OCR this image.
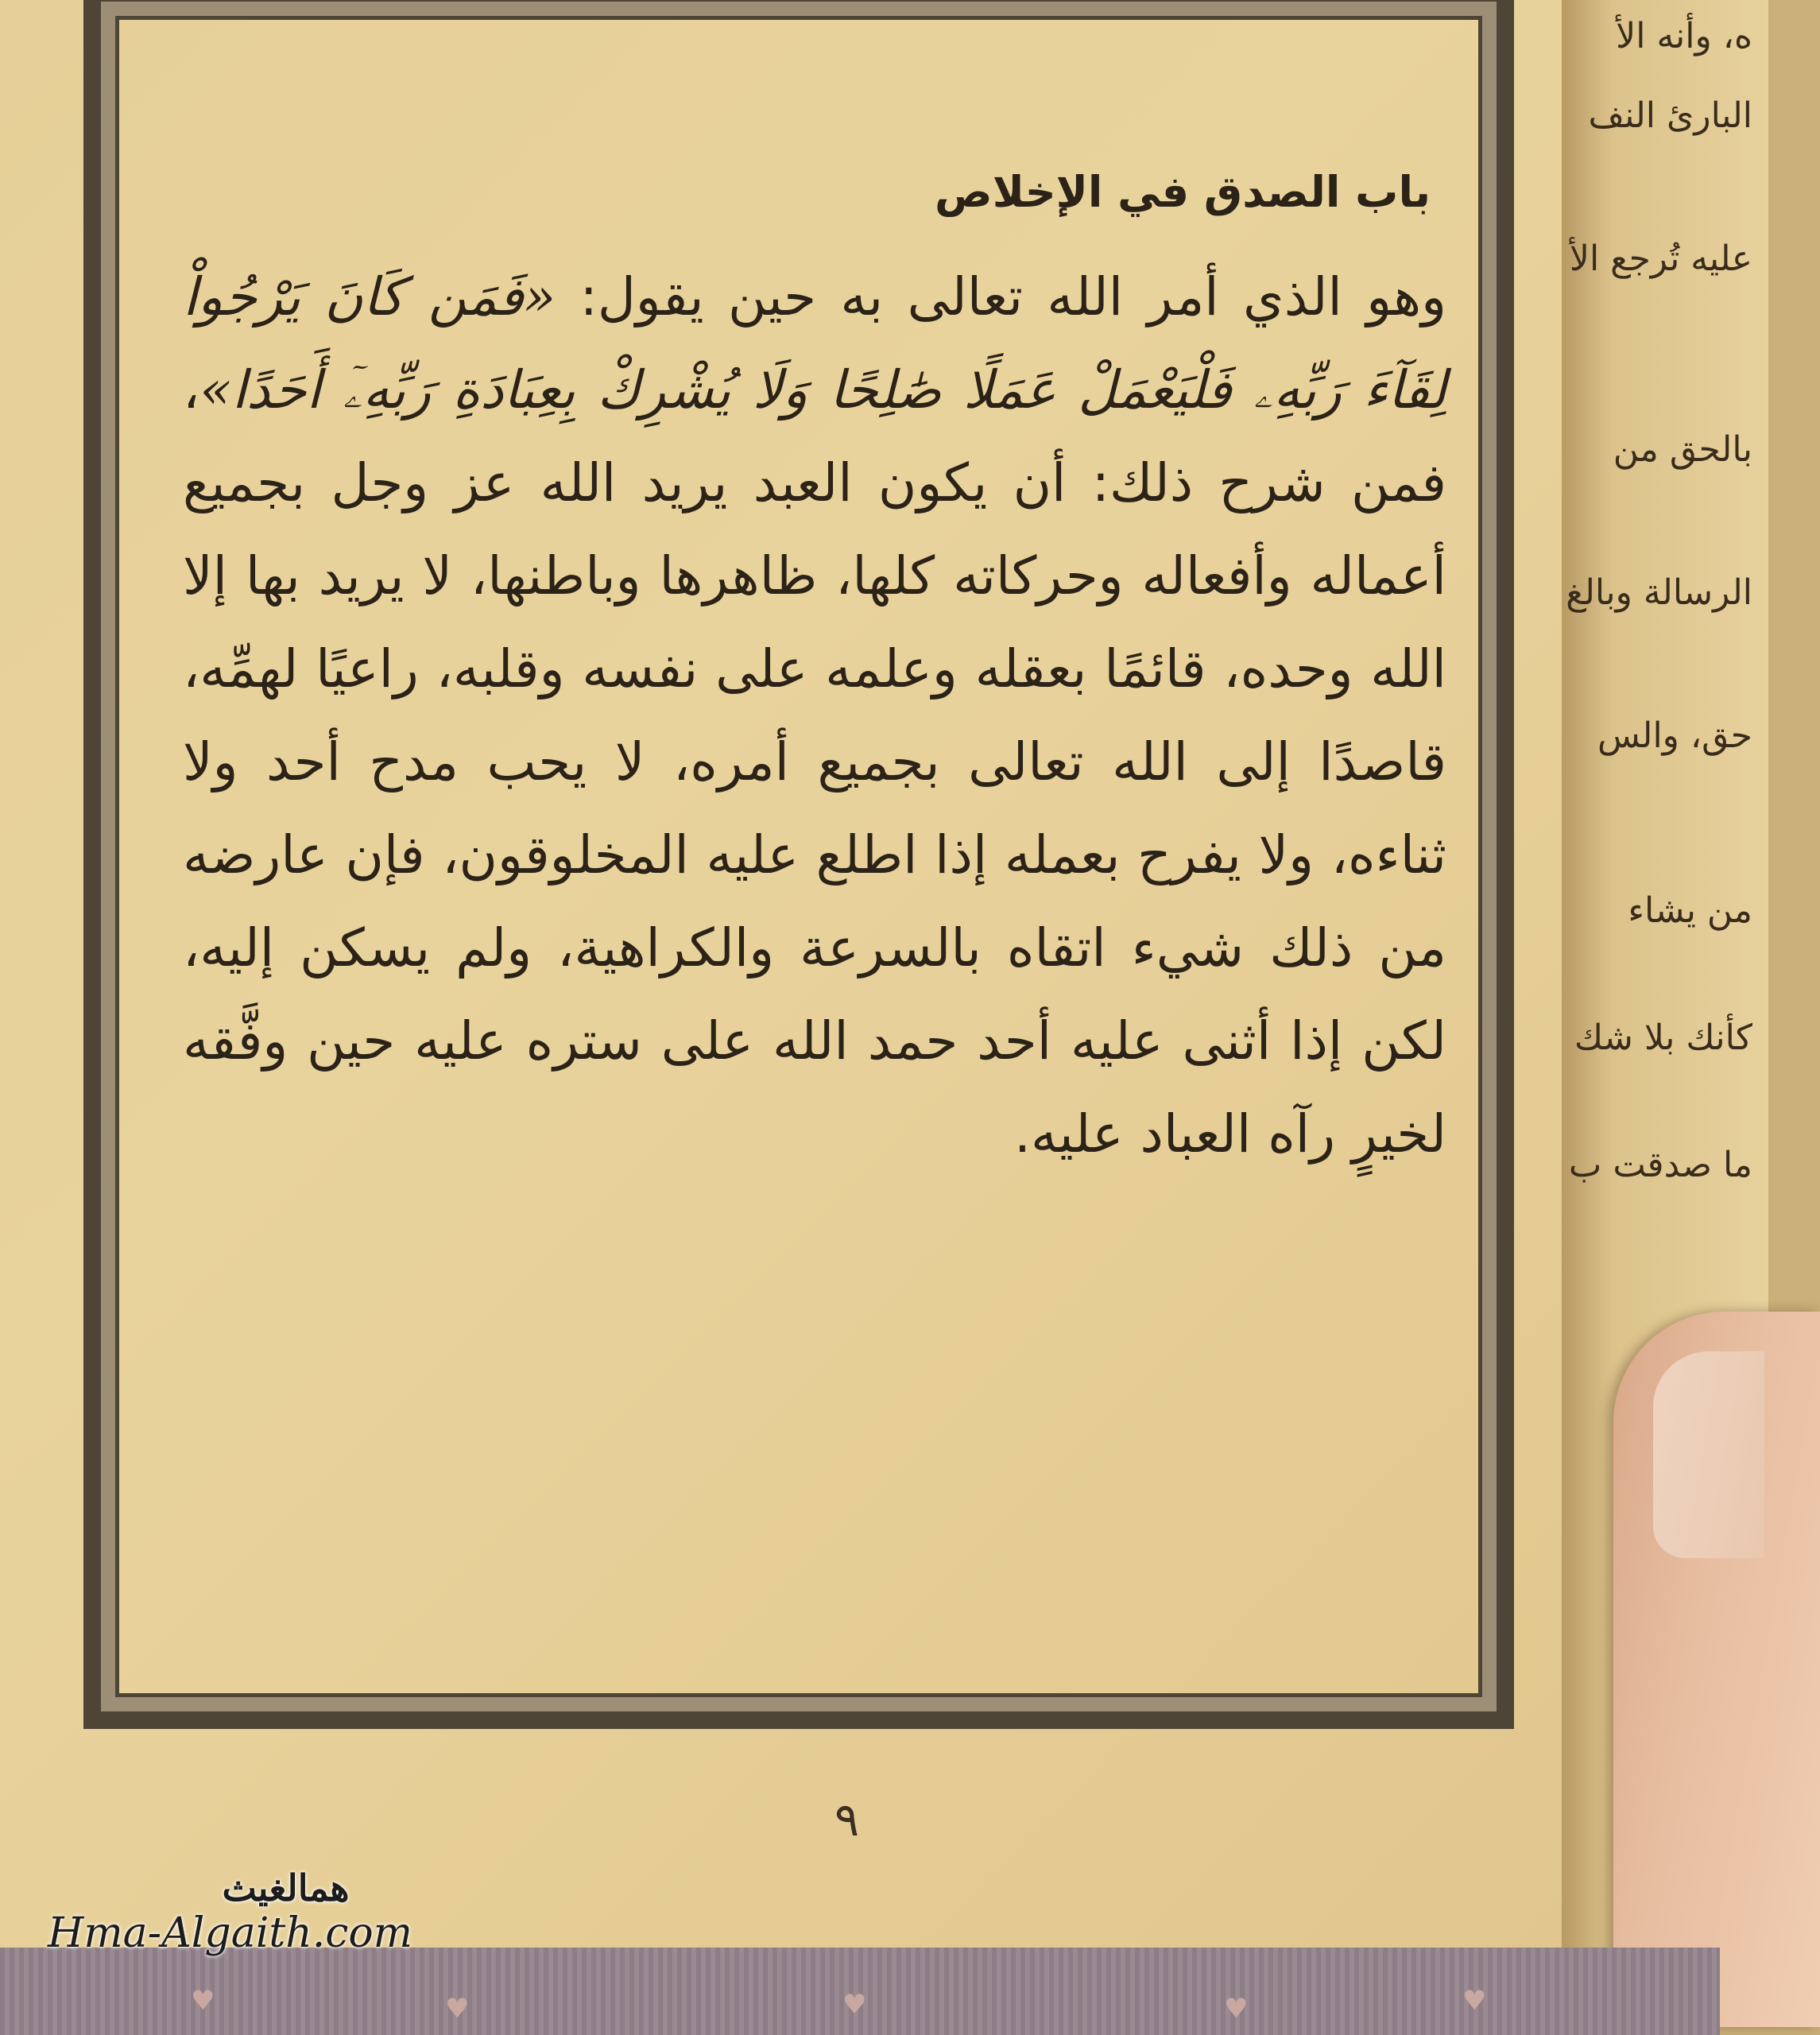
باب الصدق في الإخلاص

وهو الذي أمر الله تعالى به حين يقول: «فَمَن كَانَ يَرْجُواْ لِقَآءَ رَبِّهِۦ فَلْيَعْمَلْ عَمَلًا صَٰلِحًا وَلَا يُشْرِكْ بِعِبَادَةِ رَبِّهِۦٓ أَحَدًا»، فمن شرح ذلك: أن يكون العبد يريد الله عز وجل بجميع أعماله وأفعاله وحركاته كلها، ظاهرها وباطنها، لا يريد بها إلا الله وحده، قائمًا بعقله وعلمه على نفسه وقلبه، راعيًا لهمِّه، قاصدًا إلى الله تعالى بجميع أمره، لا يحب مدح أحد ولا ثناءه، ولا يفرح بعمله إذا اطلع عليه المخلوقون، فإن عارضه من ذلك شيء اتقاه بالسرعة والكراهية، ولم يسكن إليه، لكن إذا أثنى عليه أحد حمد الله على ستره عليه حين وفَّقه لخيرٍ رآه العباد عليه.

٩
ه، وأنه الأ
البارئ النف
عليه تُرجع الأ
بالحق من
الرسالة وبالغ
حق، والس
من يشاء
كأنك بلا شك
ما صدقت ب
♥	♥	♥	♥	♥
همالغيث
Hma-Algaith.com
